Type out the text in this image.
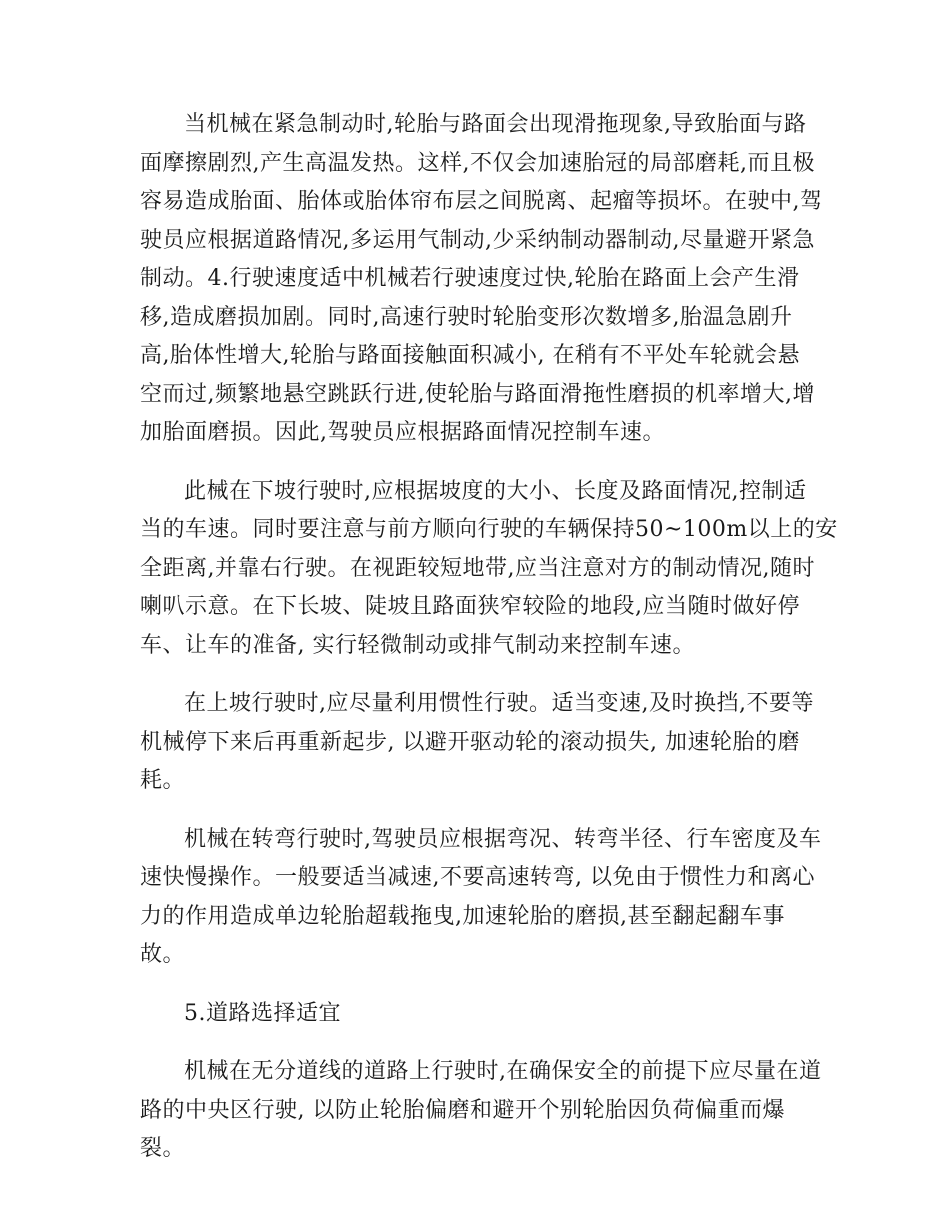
当机械在紧急制动时,轮胎与路面会出现滑拖现象,导致胎面与路
面摩擦剧烈,产生高温发热。这样,不仅会加速胎冠的局部磨耗,而且极
容易造成胎面、胎体或胎体帘布层之间脱离、起瘤等损坏。在驶中,驾
驶员应根据道路情况,多运用气制动,少采纳制动器制动,尽量避开紧急
制动。4.行驶速度适中机械若行驶速度过快,轮胎在路面上会产生滑
移,造成磨损加剧。同时,高速行驶时轮胎变形次数增多,胎温急剧升
高,胎体性增大,轮胎与路面接触面积减小, 在稍有不平处车轮就会悬
空而过,频繁地悬空跳跃行进,使轮胎与路面滑拖性磨损的机率增大,增
加胎面磨损。因此,驾驶员应根据路面情况控制车速。
此械在下坡行驶时,应根据坡度的大小、长度及路面情况,控制适
当的车速。同时要注意与前方顺向行驶的车辆保持50~100m以上的安
全距离,并靠右行驶。在视距较短地带,应当注意对方的制动情况,随时
喇叭示意。在下长坡、陡坡且路面狭窄较险的地段,应当随时做好停
车、让车的准备, 实行轻微制动或排气制动来控制车速。
在上坡行驶时,应尽量利用惯性行驶。适当变速,及时换挡,不要等
机械停下来后再重新起步, 以避开驱动轮的滚动损失, 加速轮胎的磨
耗。
机械在转弯行驶时,驾驶员应根据弯况、转弯半径、行车密度及车
速快慢操作。一般要适当减速,不要高速转弯, 以免由于惯性力和离心
力的作用造成单边轮胎超载拖曳,加速轮胎的磨损,甚至翻起翻车事
故。
5.道路选择适宜
机械在无分道线的道路上行驶时,在确保安全的前提下应尽量在道
路的中央区行驶, 以防止轮胎偏磨和避开个别轮胎因负荷偏重而爆
裂。
